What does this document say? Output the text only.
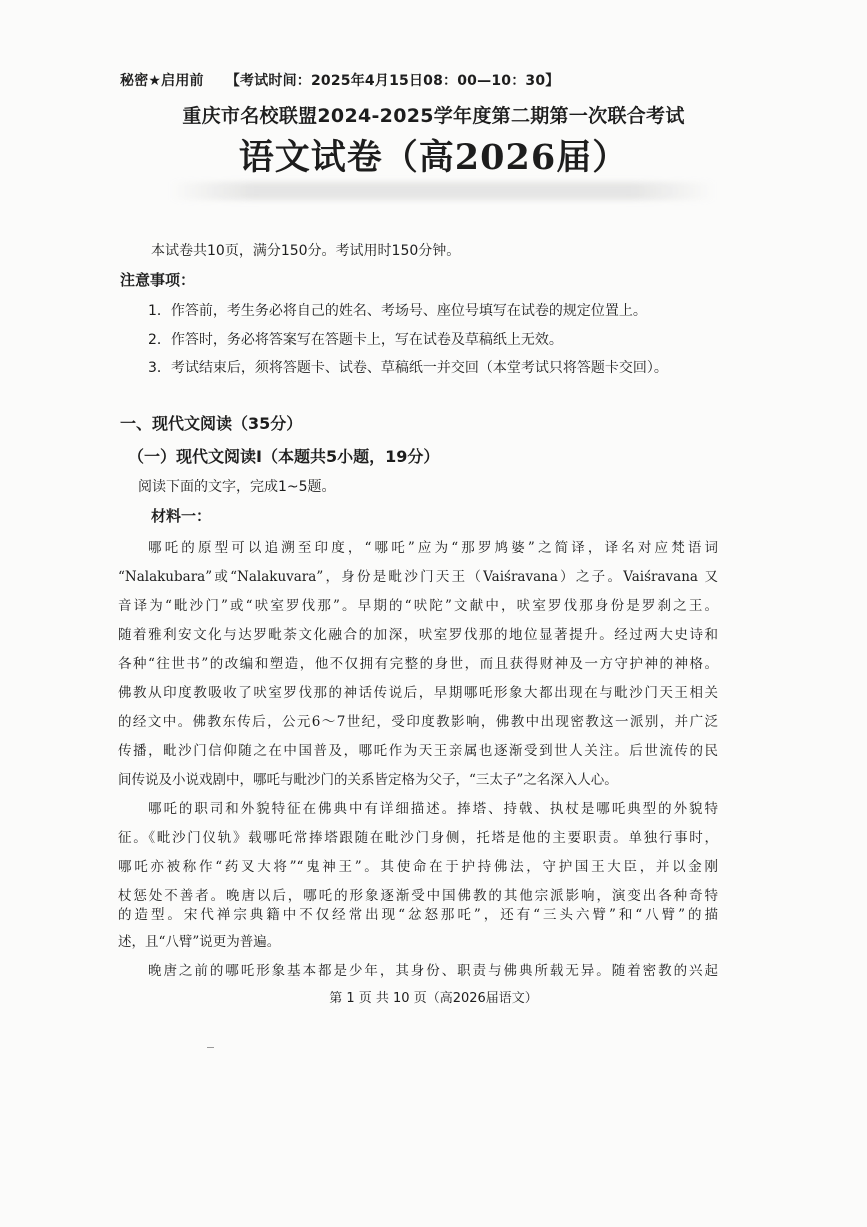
秘密★启用前 【考试时间：2025年4月15日08：00—10：30】
重庆市名校联盟2024-2025学年度第二期第一次联合考试
语文试卷（高2026届）
本试卷共10页，满分150分。考试用时150分钟。
注意事项：
1．作答前，考生务必将自己的姓名、考场号、座位号填写在试卷的规定位置上。
2．作答时，务必将答案写在答题卡上，写在试卷及草稿纸上无效。
3．考试结束后，须将答题卡、试卷、草稿纸一并交回（本堂考试只将答题卡交回）。
一、现代文阅读（35分）
（一）现代文阅读Ⅰ（本题共5小题，19分）
阅读下面的文字，完成1~5题。
材料一：
哪吒的原型可以追溯至印度，“哪吒”应为“那罗鸠婆”之简译，译名对应梵语词
“Nalakubara”或“Nalakuvara”，身份是毗沙门天王（Vaiśravana）之子。Vaiśravana 又
音译为“毗沙门”或“吠室罗伐那”。早期的“吠陀”文献中，吠室罗伐那身份是罗刹之王。
随着雅利安文化与达罗毗荼文化融合的加深，吠室罗伐那的地位显著提升。经过两大史诗和
各种“往世书”的改编和塑造，他不仅拥有完整的身世，而且获得财神及一方守护神的神格。
佛教从印度教吸收了吠室罗伐那的神话传说后，早期哪吒形象大都出现在与毗沙门天王相关
的经文中。佛教东传后，公元6～7世纪，受印度教影响，佛教中出现密教这一派别，并广泛
传播，毗沙门信仰随之在中国普及，哪吒作为天王亲属也逐渐受到世人关注。后世流传的民
间传说及小说戏剧中，哪吒与毗沙门的关系皆定格为父子，“三太子”之名深入人心。
哪吒的职司和外貌特征在佛典中有详细描述。捧塔、持戟、执杖是哪吒典型的外貌特
征。《毗沙门仪轨》载哪吒常捧塔跟随在毗沙门身侧，托塔是他的主要职责。单独行事时，
哪吒亦被称作“药叉大将”“鬼神王”。其使命在于护持佛法，守护国王大臣，并以金刚
杖惩处不善者。晚唐以后，哪吒的形象逐渐受中国佛教的其他宗派影响，演变出各种奇特
的造型。宋代禅宗典籍中不仅经常出现“忿怒那吒”，还有“三头六臂”和“八臂”的描
述，且“八臂”说更为普遍。
晚唐之前的哪吒形象基本都是少年，其身份、职责与佛典所载无异。随着密教的兴起
第 1 页 共 10 页（高2026届语文）
